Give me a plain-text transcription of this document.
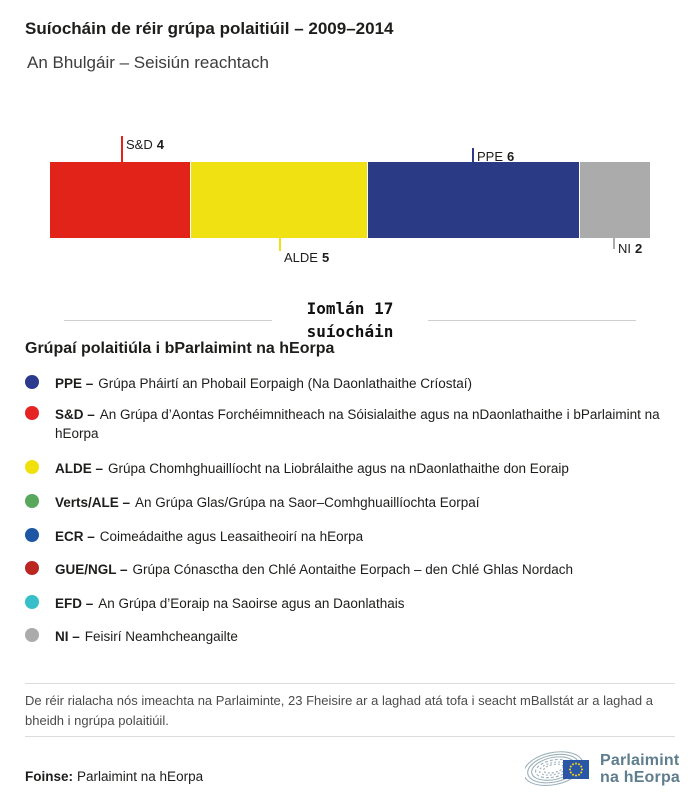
Suíocháin de réir grúpa polaitiúil – 2009–2014
An Bhulgáir – Seisiún reachtach
S&D 4
PPE 6
ALDE 5
NI 2
Iomlán 17
suíocháin
Grúpaí polaitiúla i bParlaimint na hEorpa
PPE – Grúpa Pháirtí an Phobail Eorpaigh (Na Daonlathaithe Críostaí)
S&D – An Grúpa d’Aontas Forchéimnitheach na Sóisialaithe agus na nDaonlathaithe i bParlaimint na hEorpa
ALDE – Grúpa Chomhghuaillíocht na Liobrálaithe agus na nDaonlathaithe don Eoraip
Verts/ALE – An Grúpa Glas/Grúpa na Saor–Comhghuaillíochta Eorpaí
ECR – Coimeádaithe agus Leasaitheoirí na hEorpa
GUE/NGL – Grúpa Cónasctha den Chlé Aontaithe Eorpach – den Chlé Ghlas Nordach
EFD – An Grúpa d’Eoraip na Saoirse agus an Daonlathais
NI – Feisirí Neamhcheangailte
De réir rialacha nós imeachta na Parlaiminte, 23 Fheisire ar a laghad atá tofa i seacht mBallstát ar a laghad a bheidh i ngrúpa polaitiúil.
Foinse: Parlaimint na hEorpa
Parlaimint
na hEorpa
